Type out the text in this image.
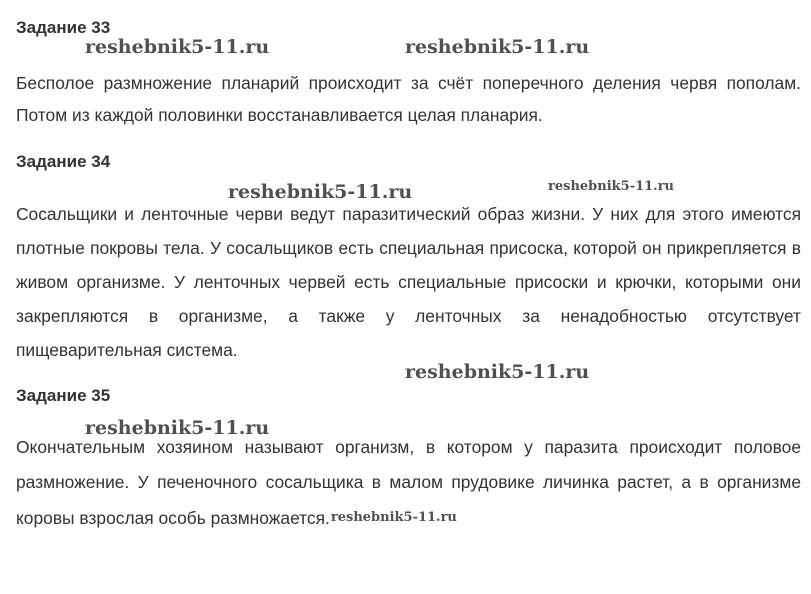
Задание 33

Бесполое размножение планарий происходит за счёт поперечного деления червя пополам. Потом из каждой половинки восстанавливается целая планария.

Задание 34

Сосальщики и ленточные черви ведут паразитический образ жизни. У них для этого имеются плотные покровы тела. У сосальщиков есть специальная присоска, которой он прикрепляется в живом организме. У ленточных червей есть специальные присоски и крючки, которыми они закрепляются в организме, а также у ленточных за ненадобностью отсутствует пищеварительная система.

Задание 35

Окончательным хозяином называют организм, в котором у паразита происходит половое размножение. У печеночного сосальщика в малом прудовике личинка растет, а в организме коровы взрослая особь размножается.reshebnik5-11.ru

reshebnik5-11.ru	reshebnik5-11.ru
reshebnik5-11.ru	reshebnik5-11.ru
reshebnik5-11.ru
reshebnik5-11.ru
